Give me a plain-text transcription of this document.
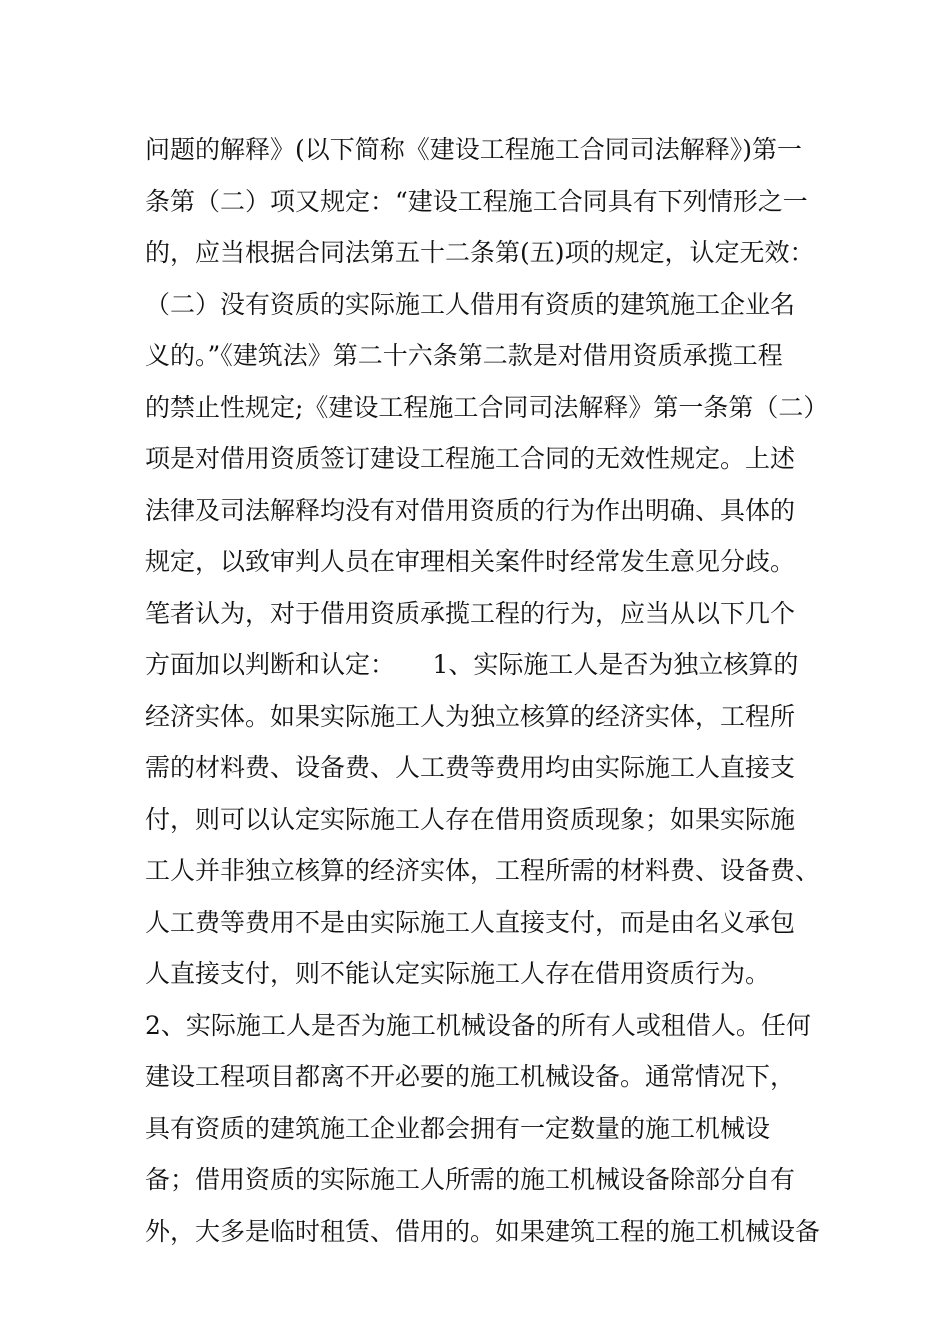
问题的解释》(以下简称《建设工程施工合同司法解释》)第一
条第（二）项又规定：“建设工程施工合同具有下列情形之一
的，应当根据合同法第五十二条第(五)项的规定，认定无效：
（二）没有资质的实际施工人借用有资质的建筑施工企业名
义的。”《建筑法》第二十六条第二款是对借用资质承揽工程
的禁止性规定;《建设工程施工合同司法解释》第一条第（二）
项是对借用资质签订建设工程施工合同的无效性规定。上述
法律及司法解释均没有对借用资质的行为作出明确、具体的
规定，以致审判人员在审理相关案件时经常发生意见分歧。
笔者认为，对于借用资质承揽工程的行为，应当从以下几个
方面加以判断和认定：　　1、实际施工人是否为独立核算的
经济实体。如果实际施工人为独立核算的经济实体，工程所
需的材料费、设备费、人工费等费用均由实际施工人直接支
付，则可以认定实际施工人存在借用资质现象；如果实际施
工人并非独立核算的经济实体，工程所需的材料费、设备费、
人工费等费用不是由实际施工人直接支付，而是由名义承包
人直接支付，则不能认定实际施工人存在借用资质行为。
2、实际施工人是否为施工机械设备的所有人或租借人。任何
建设工程项目都离不开必要的施工机械设备。通常情况下，
具有资质的建筑施工企业都会拥有一定数量的施工机械设
备；借用资质的实际施工人所需的施工机械设备除部分自有
外，大多是临时租赁、借用的。如果建筑工程的施工机械设备
